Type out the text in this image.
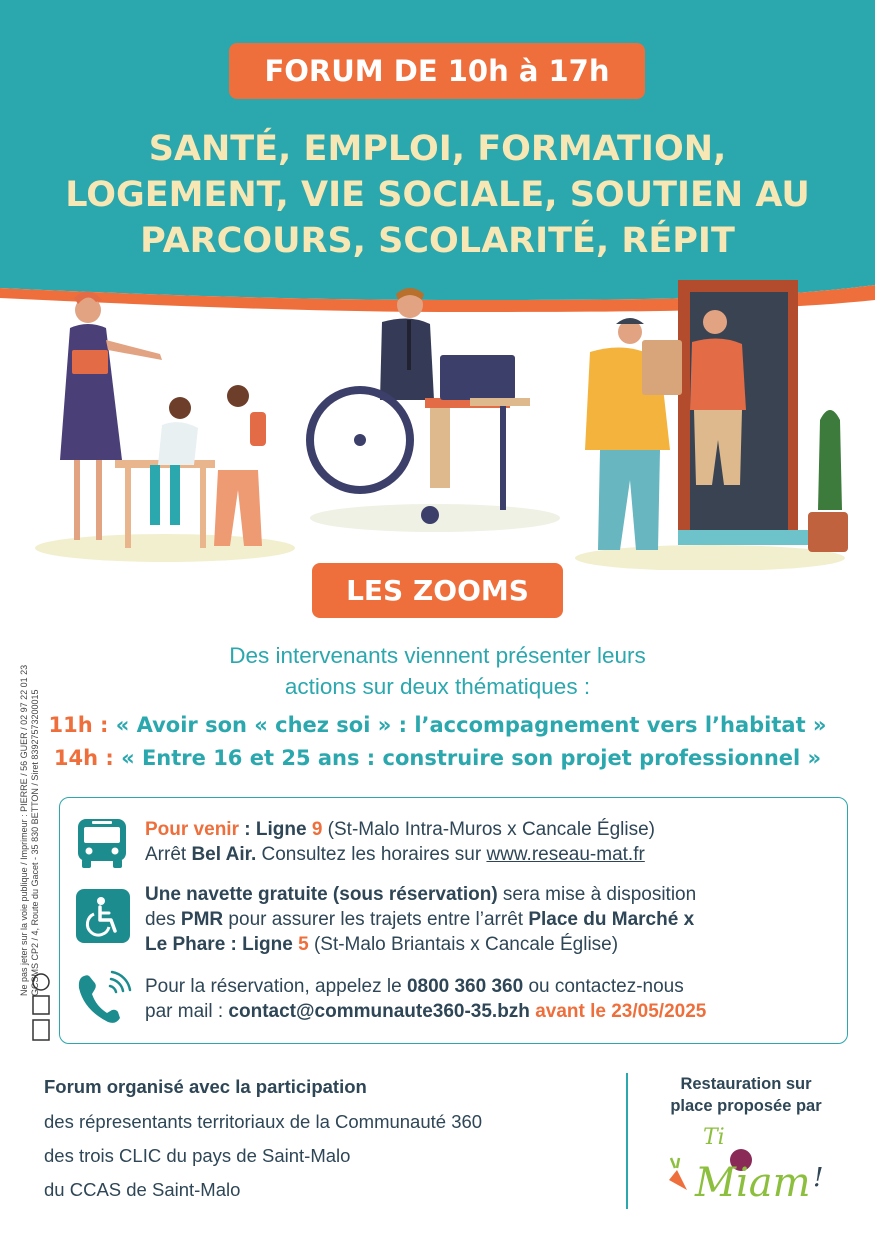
FORUM DE 10h à 17h
SANTÉ, EMPLOI, FORMATION,
LOGEMENT, VIE SOCIALE, SOUTIEN AU
PARCOURS, SCOLARITÉ, RÉPIT
LES ZOOMS
Des intervenants viennent présenter leurs
actions sur deux thématiques :
11h : « Avoir son « chez soi » : l’accompagnement vers l’habitat »
14h : « Entre 16 et 25 ans : construire son projet professionnel »
Pour venir : Ligne 9 (St-Malo Intra-Muros x Cancale Église)
Arrêt Bel Air. Consultez les horaires sur www.reseau-mat.fr
Une navette gratuite (sous réservation) sera mise à disposition
des PMR pour assurer les trajets entre l’arrêt Place du Marché x
Le Phare : Ligne 5 (St-Malo Briantais x Cancale Église)
Pour la réservation, appelez le 0800 360 360 ou contactez-nous
par mail : contact@communaute360-35.bzh avant le 23/05/2025
Forum organisé avec la participation
des répresentants territoriaux de la Communauté 360
des trois CLIC du pays de Saint-Malo
du CCAS de Saint-Malo
Restauration sur
place proposée par
Ti
Miam !
Ne pas jeter sur la voie publique / Imprimeur : PIERRE / 56 GUER / 02 97 22 01 23 GCSMS CP2 / 4, Route du Gacet - 35 830 BETTON / Siret 83927573200015
